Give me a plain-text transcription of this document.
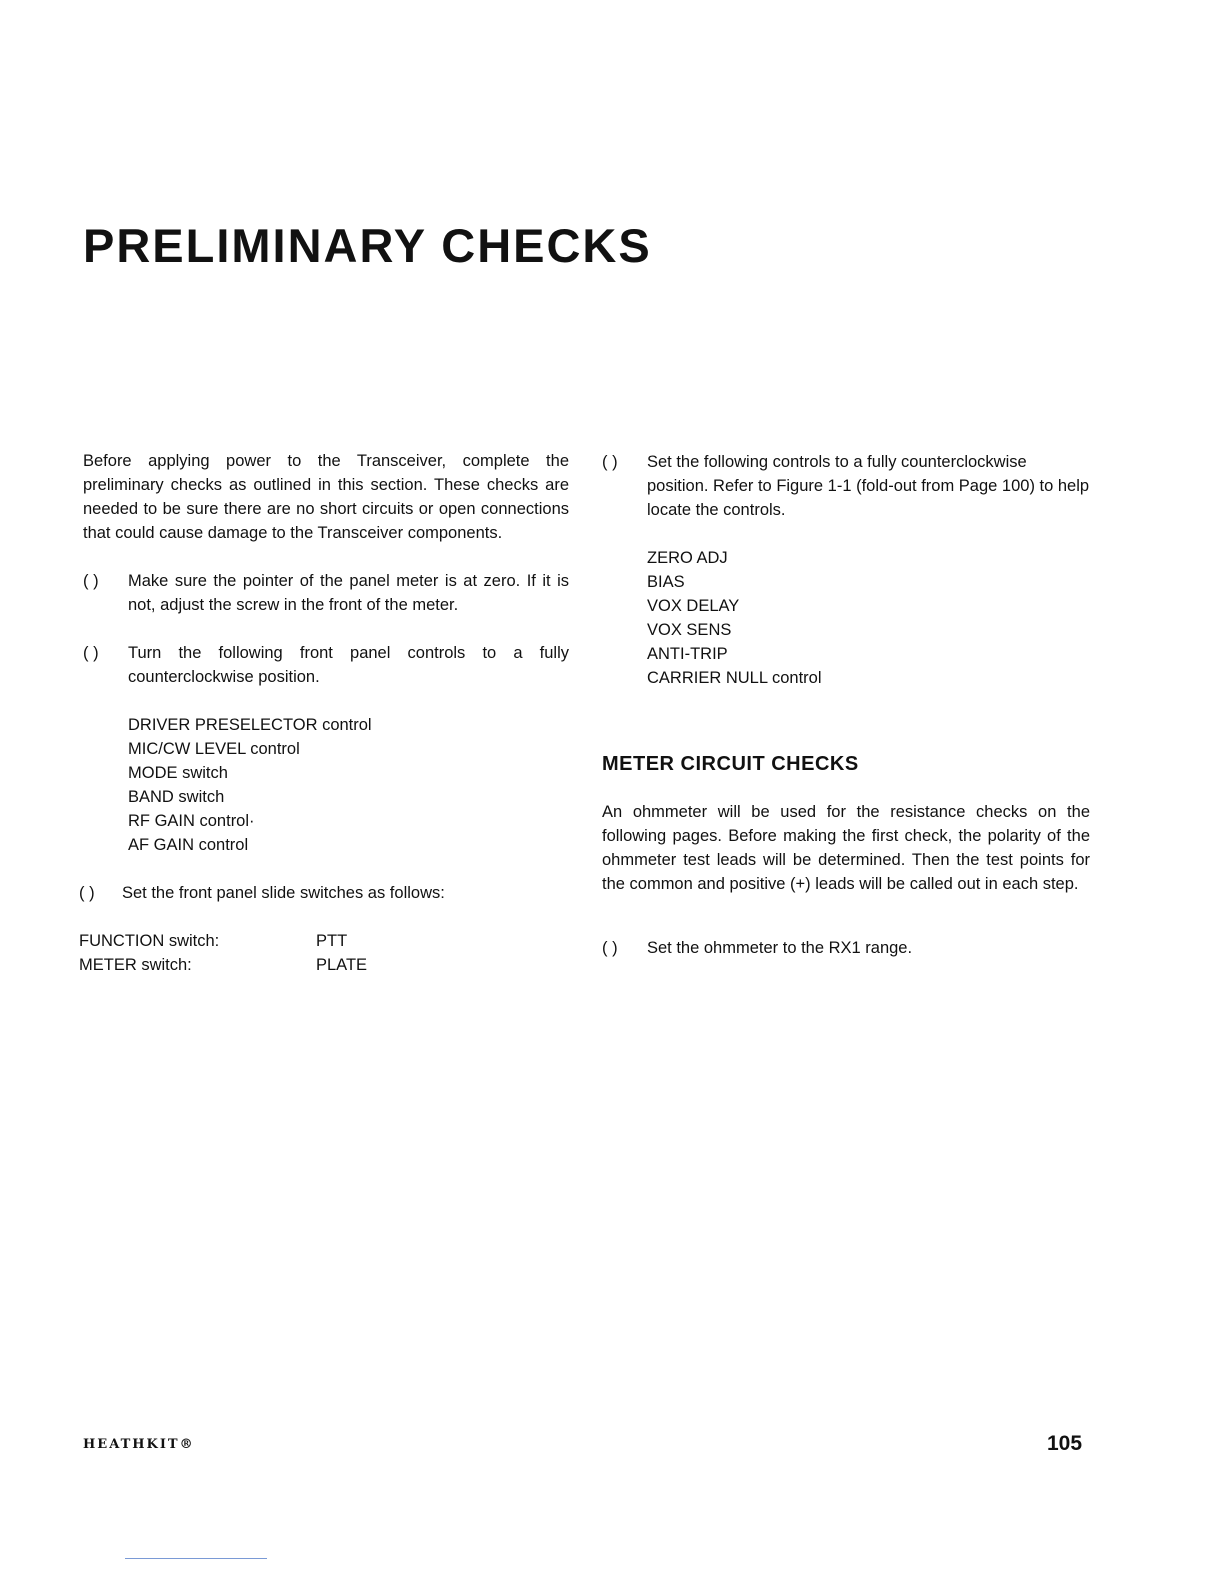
PRELIMINARY CHECKS

Before applying power to the Transceiver, complete the preliminary checks as outlined in this section. These checks are needed to be sure there are no short circuits or open connections that could cause damage to the Transceiver components.

( )	Make sure the pointer of the panel meter is at zero. If it is not, adjust the screw in the front of the meter.

( )	Turn the following front panel controls to a fully counterclockwise position.

DRIVER PRESELECTOR control
MIC/CW LEVEL control
MODE switch
BAND switch
RF GAIN control·
AF GAIN control
( )	Set the front panel slide switches as follows:

FUNCTION switch:	PTT
METER switch:	PLATE
( )	Set the following controls to a fully counterclockwise position. Refer to Figure 1-1 (fold-out from Page 100) to help locate the controls.

ZERO ADJ
BIAS
VOX DELAY
VOX SENS
ANTI-TRIP
CARRIER NULL control
METER CIRCUIT CHECKS

An ohmmeter will be used for the resistance checks on the following pages. Before making the first check, the polarity of the ohmmeter test leads will be determined. Then the test points for the common and positive (+) leads will be called out in each step.

( )	Set the ohmmeter to the RX1 range.

HEATHKIT®	105
